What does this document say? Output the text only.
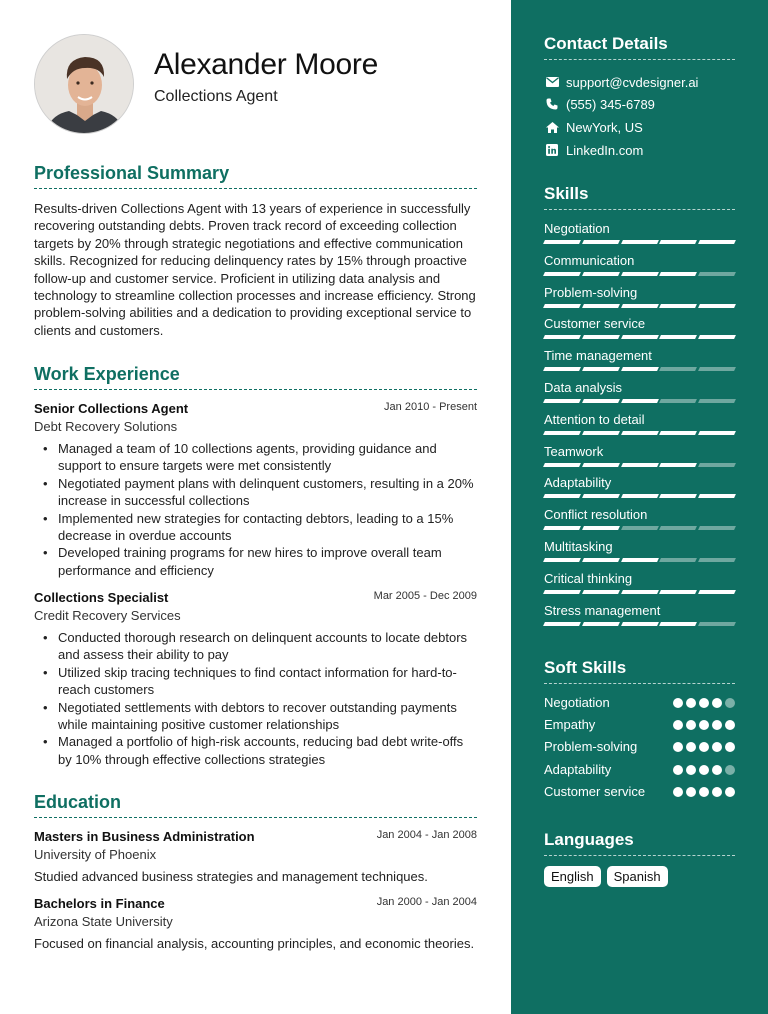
Alexander Moore
Collections Agent
Professional Summary
Results-driven Collections Agent with 13 years of experience in successfully recovering outstanding debts. Proven track record of exceeding collection targets by 20% through strategic negotiations and effective communication skills. Recognized for reducing delinquency rates by 15% through proactive follow-up and customer service. Proficient in utilizing data analysis and technology to streamline collection processes and increase efficiency. Strong problem-solving abilities and a dedication to providing exceptional service to clients and customers.
Work Experience
Senior Collections Agent	Jan 2010 - Present
Debt Recovery Solutions
• Managed a team of 10 collections agents, providing guidance and support to ensure targets were met consistently
• Negotiated payment plans with delinquent customers, resulting in a 20% increase in successful collections
• Implemented new strategies for contacting debtors, leading to a 15% decrease in overdue accounts
• Developed training programs for new hires to improve overall team performance and efficiency
Collections Specialist	Mar 2005 - Dec 2009
Credit Recovery Services
• Conducted thorough research on delinquent accounts to locate debtors and assess their ability to pay
• Utilized skip tracing techniques to find contact information for hard-to-reach customers
• Negotiated settlements with debtors to recover outstanding payments while maintaining positive customer relationships
• Managed a portfolio of high-risk accounts, reducing bad debt write-offs by 10% through effective collections strategies
Education
Masters in Business Administration	Jan 2004 - Jan 2008
University of Phoenix
Studied advanced business strategies and management techniques.
Bachelors in Finance	Jan 2000 - Jan 2004
Arizona State University
Focused on financial analysis, accounting principles, and economic theories.
Contact Details
support@cvdesigner.ai
(555) 345-6789
NewYork, US
LinkedIn.com
Skills
Negotiation
Communication
Problem-solving
Customer service
Time management
Data analysis
Attention to detail
Teamwork
Adaptability
Conflict resolution
Multitasking
Critical thinking
Stress management
Soft Skills
Negotiation
Empathy
Problem-solving
Adaptability
Customer service
Languages
English	Spanish
